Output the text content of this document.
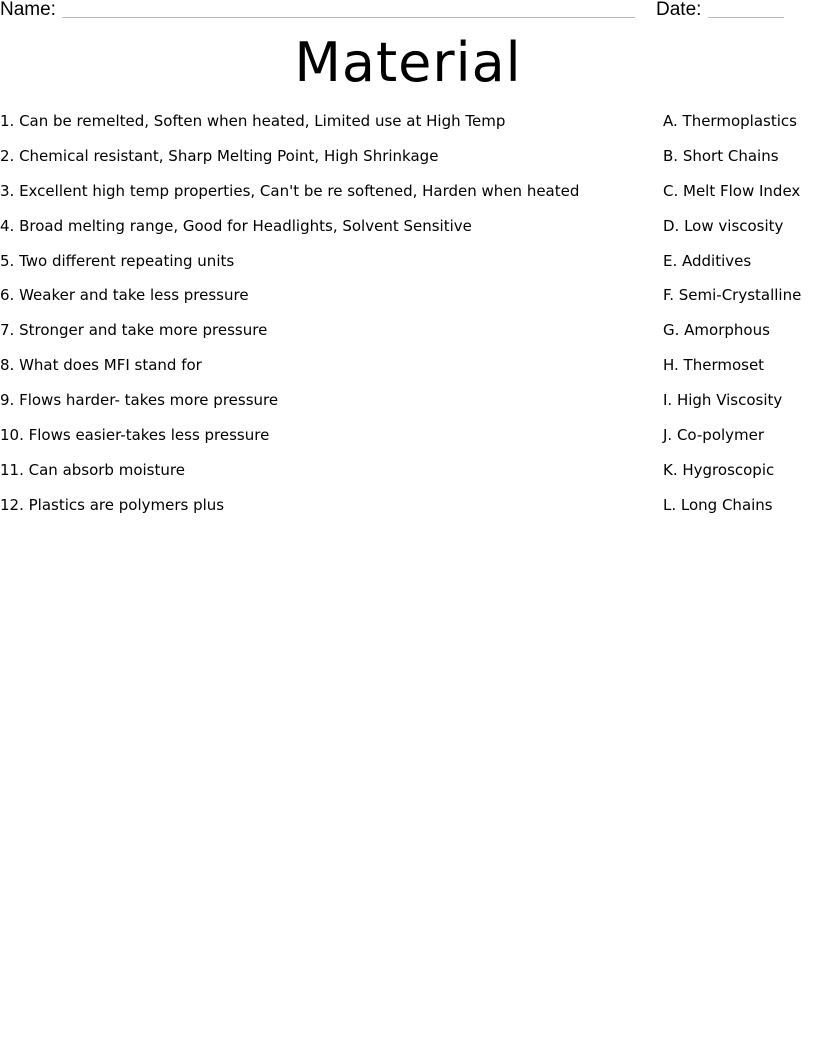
Name:	Date:
Material
1. Can be remelted, Soften when heated, Limited use at High Temp
2. Chemical resistant, Sharp Melting Point, High Shrinkage
3. Excellent high temp properties, Can't be re softened, Harden when heated
4. Broad melting range, Good for Headlights, Solvent Sensitive
5. Two different repeating units
6. Weaker and take less pressure
7. Stronger and take more pressure
8. What does MFI stand for
9. Flows harder- takes more pressure
10. Flows easier-takes less pressure
11. Can absorb moisture
12. Plastics are polymers plus
A. Thermoplastics
B. Short Chains
C. Melt Flow Index
D. Low viscosity
E. Additives
F. Semi-Crystalline
G. Amorphous
H. Thermoset
I. High Viscosity
J. Co-polymer
K. Hygroscopic
L. Long Chains
